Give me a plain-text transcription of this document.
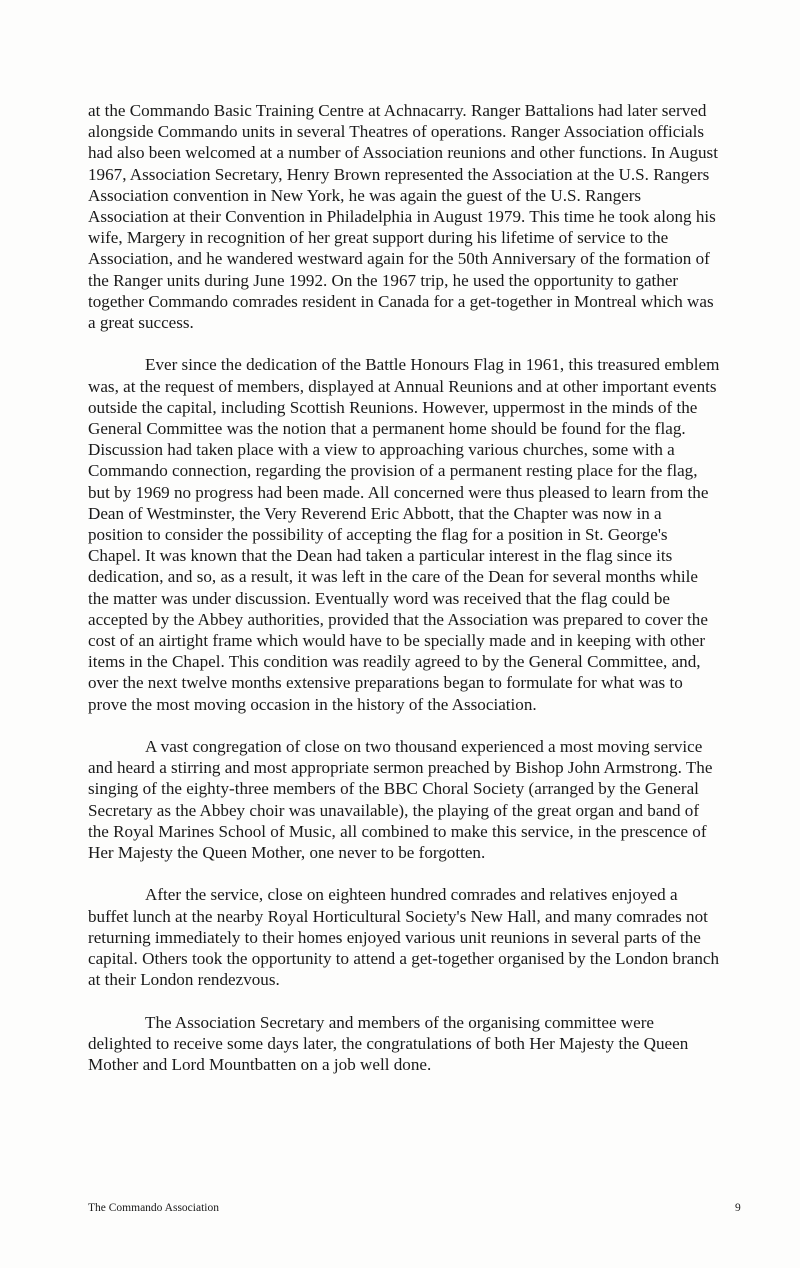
at the Commando Basic Training Centre at Achnacarry. Ranger Battalions had later served alongside Commando units in several Theatres of operations. Ranger Association officials had also been welcomed at a number of Association reunions and other functions. In August 1967, Association Secretary, Henry Brown represented the Association at the U.S. Rangers Association convention in New York, he was again the guest of the U.S. Rangers Association at their Convention in Philadelphia in August 1979. This time he took along his wife, Margery in recognition of her great support during his lifetime of service to the Association, and he wandered westward again for the 50th Anniversary of the formation of the Ranger units during June 1992. On the 1967 trip, he used the opportunity to gather together Commando comrades resident in Canada for a get-together in Montreal which was a great success.

Ever since the dedication of the Battle Honours Flag in 1961, this treasured emblem was, at the request of members, displayed at Annual Reunions and at other important events outside the capital, including Scottish Reunions. However, uppermost in the minds of the General Committee was the notion that a permanent home should be found for the flag. Discussion had taken place with a view to approaching various churches, some with a Commando connection, regarding the provision of a permanent resting place for the flag, but by 1969 no progress had been made. All concerned were thus pleased to learn from the Dean of Westminster, the Very Reverend Eric Abbott, that the Chapter was now in a position to consider the possibility of accepting the flag for a position in St. George's Chapel. It was known that the Dean had taken a particular interest in the flag since its dedication, and so, as a result, it was left in the care of the Dean for several months while the matter was under discussion. Eventually word was received that the flag could be accepted by the Abbey authorities, provided that the Association was prepared to cover the cost of an airtight frame which would have to be specially made and in keeping with other items in the Chapel. This condition was readily agreed to by the General Committee, and, over the next twelve months extensive preparations began to formulate for what was to prove the most moving occasion in the history of the Association.

A vast congregation of close on two thousand experienced a most moving service and heard a stirring and most appropriate sermon preached by Bishop John Armstrong. The singing of the eighty-three members of the BBC Choral Society (arranged by the General Secretary as the Abbey choir was unavailable), the playing of the great organ and band of the Royal Marines School of Music, all combined to make this service, in the prescence of Her Majesty the Queen Mother, one never to be forgotten.

After the service, close on eighteen hundred comrades and relatives enjoyed a buffet lunch at the nearby Royal Horticultural Society's New Hall, and many comrades not returning immediately to their homes enjoyed various unit reunions in several parts of the capital. Others took the opportunity to attend a get-together organised by the London branch at their London rendezvous.

The Association Secretary and members of the organising committee were delighted to receive some days later, the congratulations of both Her Majesty the Queen Mother and Lord Mountbatten on a job well done.

The Commando Association	9
